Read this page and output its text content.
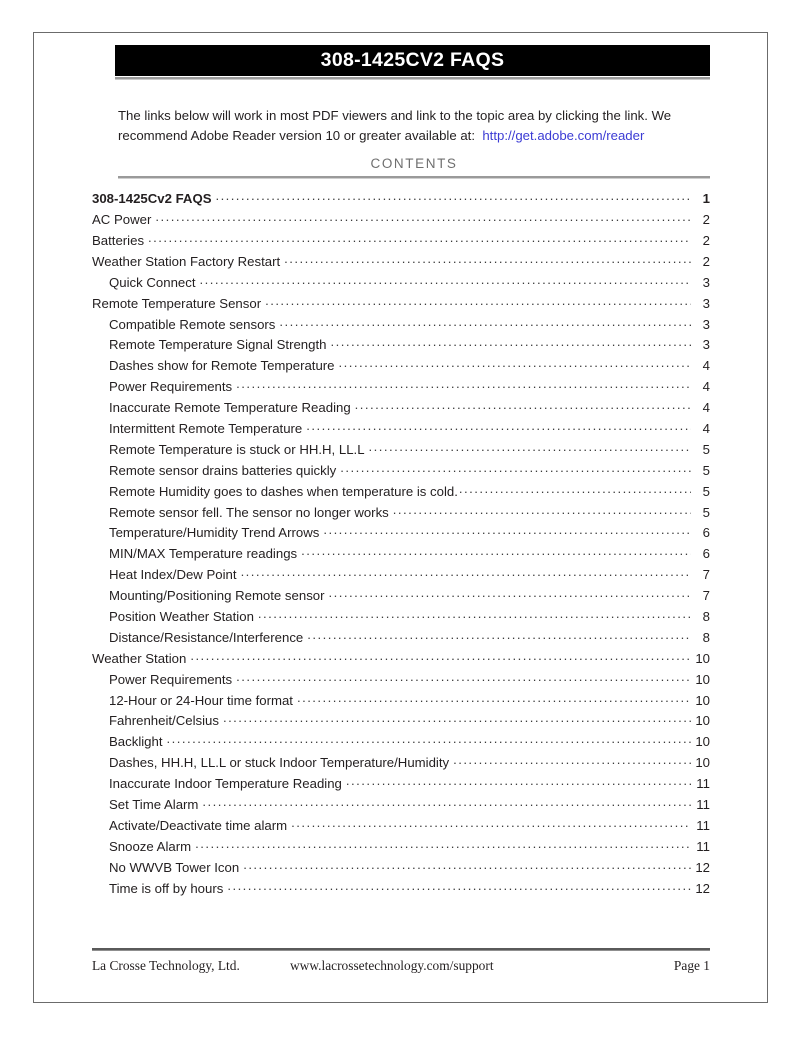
308-1425CV2 FAQS

The links below will work in most PDF viewers and link to the topic area by clicking the link. We recommend Adobe Reader version 10 or greater available at: http://get.adobe.com/reader

CONTENTS
308-1425Cv2 FAQS .....	1
AC Power .....	2
Batteries .....	2
Weather Station Factory Restart .....	2
Quick Connect .....	3
Remote Temperature Sensor .....	3
Compatible Remote sensors .....	3
Remote Temperature Signal Strength .....	3
Dashes show for Remote Temperature .....	4
Power Requirements .....	4
Inaccurate Remote Temperature Reading .....	4
Intermittent Remote Temperature .....	4
Remote Temperature is stuck or HH.H, LL.L .....	5
Remote sensor drains batteries quickly .....	5
Remote Humidity goes to dashes when temperature is cold. .....	5
Remote sensor fell. The sensor no longer works .....	5
Temperature/Humidity Trend Arrows .....	6
MIN/MAX Temperature readings .....	6
Heat Index/Dew Point .....	7
Mounting/Positioning Remote sensor .....	7
Position Weather Station .....	8
Distance/Resistance/Interference .....	8
Weather Station .....	10
Power Requirements .....	10
12-Hour or 24-Hour time format .....	10
Fahrenheit/Celsius .....	10
Backlight .....	10
Dashes, HH.H, LL.L or stuck Indoor Temperature/Humidity .....	10
Inaccurate Indoor Temperature Reading .....	11
Set Time Alarm .....	11
Activate/Deactivate time alarm .....	11
Snooze Alarm .....	11
No WWVB Tower Icon .....	12
Time is off by hours .....	12
La Crosse Technology, Ltd.	www.lacrossetechnology.com/support	Page 1
